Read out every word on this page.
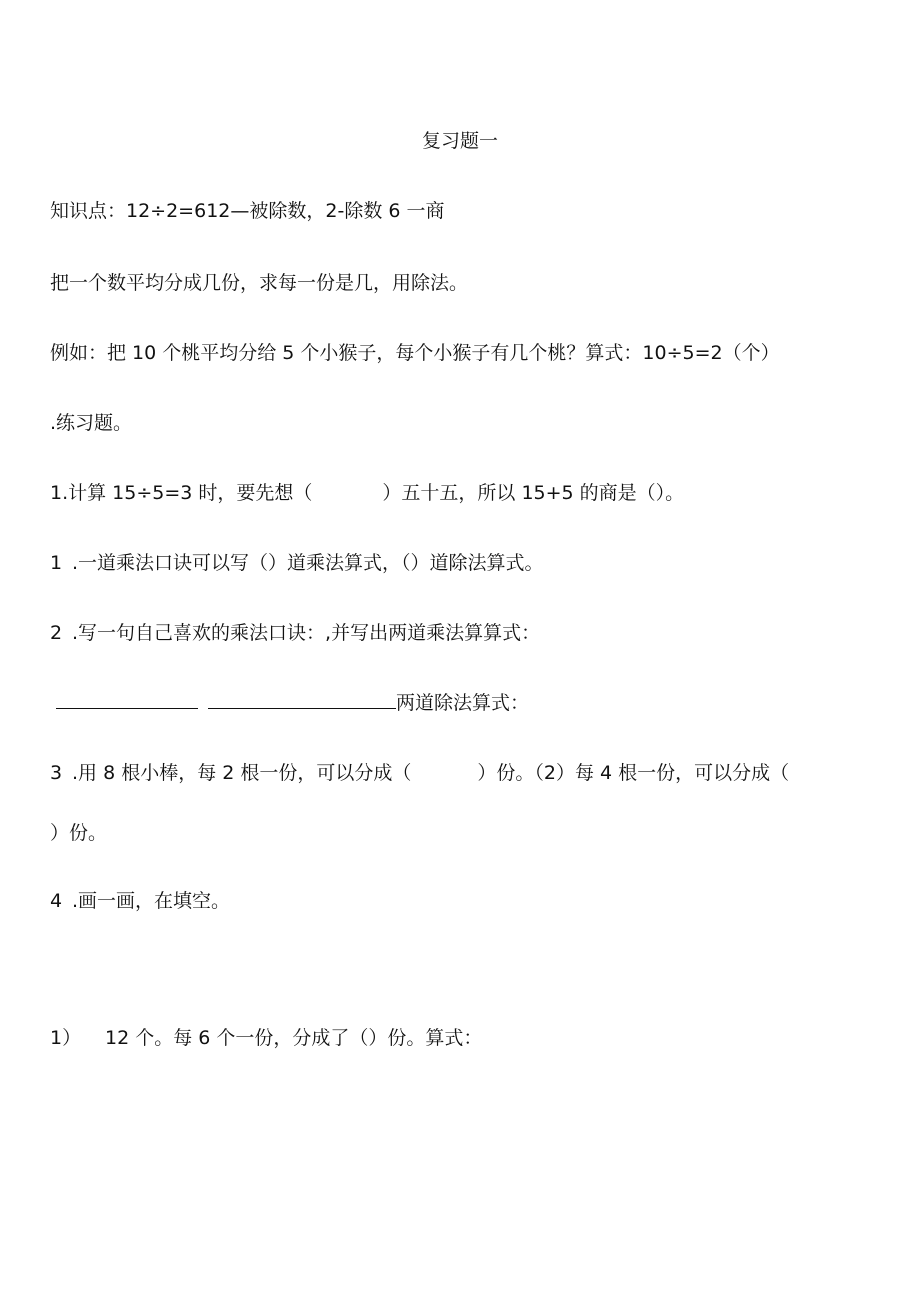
复习题一
知识点：12÷2=612—被除数，2-除数 6 一商
把一个数平均分成几份，求每一份是几，用除法。
例如：把 10 个桃平均分给 5 个小猴子，每个小猴子有几个桃？算式：10÷5=2（个）
.练习题。
1.计算 15÷5=3 时，要先想（	）五十五，所以 15+5 的商是（）。
1 .一道乘法口诀可以写（）道乘法算式，（）道除法算式。
2 .写一句自己喜欢的乘法口诀：,并写出两道乘法算算式：
两道除法算式：
3 .用 8 根小棒，每 2 根一份，可以分成（	）份。（2）每 4 根一份，可以分成（
）份。
4 .画一画，在填空。
1） 12 个。每 6 个一份，分成了（）份。算式：
